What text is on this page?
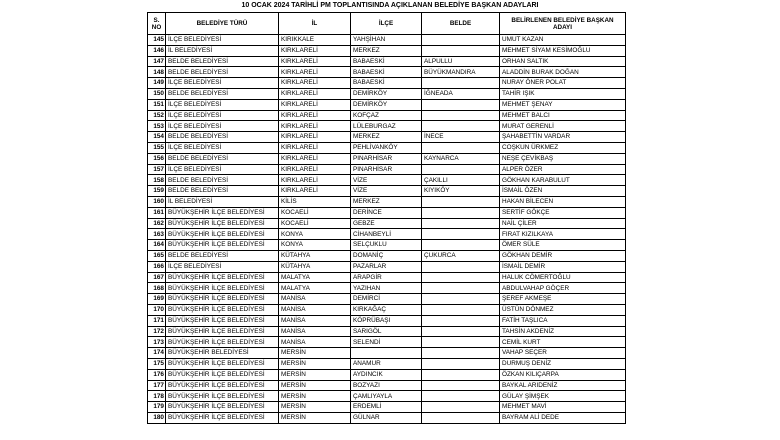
10 OCAK 2024 TARİHLİ PM TOPLANTISINDA AÇIKLANAN BELEDİYE BAŞKAN ADAYLARI
S. NO	BELEDİYE TÜRÜ	İL	İLÇE	BELDE	BELİRLENEN BELEDİYE BAŞKAN ADAYI
145	İLÇE BELEDİYESİ	KIRIKKALE	YAHŞİHAN		UMUT KAZAN
146	İL BELEDİYESİ	KIRKLARELİ	MERKEZ		MEHMET SİYAM KESİMOĞLU
147	BELDE BELEDİYESİ	KIRKLARELİ	BABAESKİ	ALPULLU	ORHAN SALTIK
148	BELDE BELEDİYESİ	KIRKLARELİ	BABAESKİ	BÜYÜKMANDIRA	ALADDİN BURAK DOĞAN
149	İLÇE BELEDİYESİ	KIRKLARELİ	BABAESKİ		NURAY ÖNER POLAT
150	BELDE BELEDİYESİ	KIRKLARELİ	DEMİRKÖY	İĞNEADA	TAHİR IŞIK
151	İLÇE BELEDİYESİ	KIRKLARELİ	DEMİRKÖY		MEHMET ŞENAY
152	İLÇE BELEDİYESİ	KIRKLARELİ	KOFÇAZ		MEHMET BALCI
153	İLÇE BELEDİYESİ	KIRKLARELİ	LÜLEBURGAZ		MURAT GERENLİ
154	BELDE BELEDİYESİ	KIRKLARELİ	MERKEZ	İNECE	ŞAHABETTİN VARDAR
155	İLÇE BELEDİYESİ	KIRKLARELİ	PEHLİVANKÖY		COŞKUN ÜRKMEZ
156	BELDE BELEDİYESİ	KIRKLARELİ	PINARHİSAR	KAYNARCA	NEŞE ÇEVİKBAŞ
157	İLÇE BELEDİYESİ	KIRKLARELİ	PINARHİSAR		ALPER ÖZER
158	BELDE BELEDİYESİ	KIRKLARELİ	VİZE	ÇAKILLI	GÖKHAN KARABULUT
159	BELDE BELEDİYESİ	KIRKLARELİ	VİZE	KIYIKÖY	İSMAİL ÖZEN
160	İL BELEDİYESİ	KİLİS	MERKEZ		HAKAN BİLECEN
161	BÜYÜKŞEHİR İLÇE BELEDİYESİ	KOCAELİ	DERİNCE		SERTİF GÖKÇE
162	BÜYÜKŞEHİR İLÇE BELEDİYESİ	KOCAELİ	GEBZE		NAİL ÇİLER
163	BÜYÜKŞEHİR İLÇE BELEDİYESİ	KONYA	CİHANBEYLİ		FIRAT KIZILKAYA
164	BÜYÜKŞEHİR İLÇE BELEDİYESİ	KONYA	SELÇUKLU		ÖMER SÜLE
165	BELDE BELEDİYESİ	KÜTAHYA	DOMANİÇ	ÇUKURCA	GÖKHAN DEMİR
166	İLÇE BELEDİYESİ	KÜTAHYA	PAZARLAR		İSMAİL DEMİR
167	BÜYÜKŞEHİR İLÇE BELEDİYESİ	MALATYA	ARAPGİR		HALUK CÖMERTOĞLU
168	BÜYÜKŞEHİR İLÇE BELEDİYESİ	MALATYA	YAZIHAN		ABDULVAHAP GÖÇER
169	BÜYÜKŞEHİR İLÇE BELEDİYESİ	MANİSA	DEMİRCİ		ŞEREF AKMEŞE
170	BÜYÜKŞEHİR İLÇE BELEDİYESİ	MANİSA	KIRKAĞAÇ		ÜSTÜN DÖNMEZ
171	BÜYÜKŞEHİR İLÇE BELEDİYESİ	MANİSA	KÖPRÜBAŞI		FATİH TAŞLICA
172	BÜYÜKŞEHİR İLÇE BELEDİYESİ	MANİSA	SARIGÖL		TAHSİN AKDENİZ
173	BÜYÜKŞEHİR İLÇE BELEDİYESİ	MANİSA	SELENDİ		CEMİL KURT
174	BÜYÜKŞEHİR BELEDİYESİ	MERSİN			VAHAP SEÇER
175	BÜYÜKŞEHİR İLÇE BELEDİYESİ	MERSİN	ANAMUR		DURMUŞ DENİZ
176	BÜYÜKŞEHİR İLÇE BELEDİYESİ	MERSİN	AYDINCIK		ÖZKAN KILIÇARPA
177	BÜYÜKŞEHİR İLÇE BELEDİYESİ	MERSİN	BOZYAZI		BAYKAL ARIDENİZ
178	BÜYÜKŞEHİR İLÇE BELEDİYESİ	MERSİN	ÇAMLIYAYLA		GÜLAY ŞİMŞEK
179	BÜYÜKŞEHİR İLÇE BELEDİYESİ	MERSİN	ERDEMLİ		MEHMET MAVİ
180	BÜYÜKŞEHİR İLÇE BELEDİYESİ	MERSİN	GÜLNAR		BAYRAM ALİ DEDE
